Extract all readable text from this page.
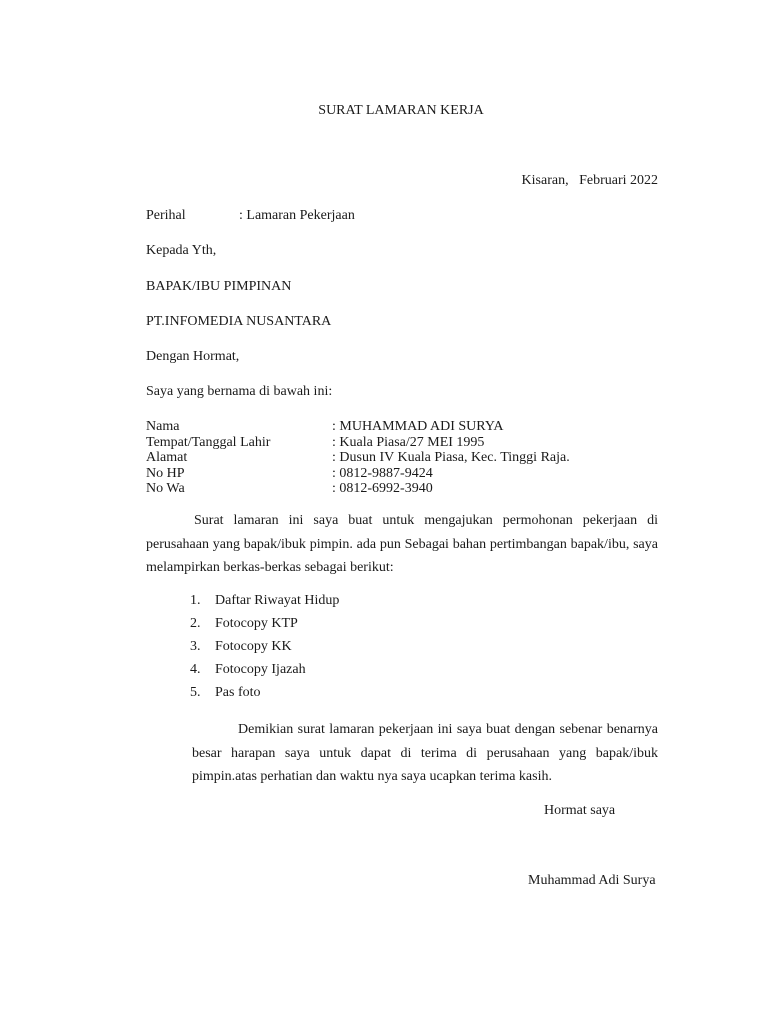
SURAT LAMARAN KERJA
Kisaran,   Februari 2022
Perihal	: Lamaran Pekerjaan
Kepada Yth,
BAPAK/IBU PIMPINAN
PT.INFOMEDIA NUSANTARA
Dengan Hormat,
Saya yang bernama di bawah ini:
Nama	: MUHAMMAD ADI SURYA
Tempat/Tanggal Lahir	: Kuala Piasa/27 MEI 1995
Alamat	: Dusun IV Kuala Piasa, Kec. Tinggi Raja.
No HP	: 0812-9887-9424
No Wa	: 0812-6992-3940

Surat lamaran ini saya buat untuk mengajukan permohonan pekerjaan di perusahaan yang bapak/ibuk pimpin. ada pun Sebagai bahan pertimbangan bapak/ibu, saya melampirkan berkas-berkas sebagai berikut:

1. Daftar Riwayat Hidup
2. Fotocopy KTP
3. Fotocopy KK
4. Fotocopy Ijazah
5. Pas foto

Demikian surat lamaran pekerjaan ini saya buat dengan sebenar benarnya besar harapan saya untuk dapat di terima di perusahaan yang bapak/ibuk pimpin.atas perhatian dan waktu nya saya ucapkan terima kasih.

Hormat saya
Muhammad Adi Surya
